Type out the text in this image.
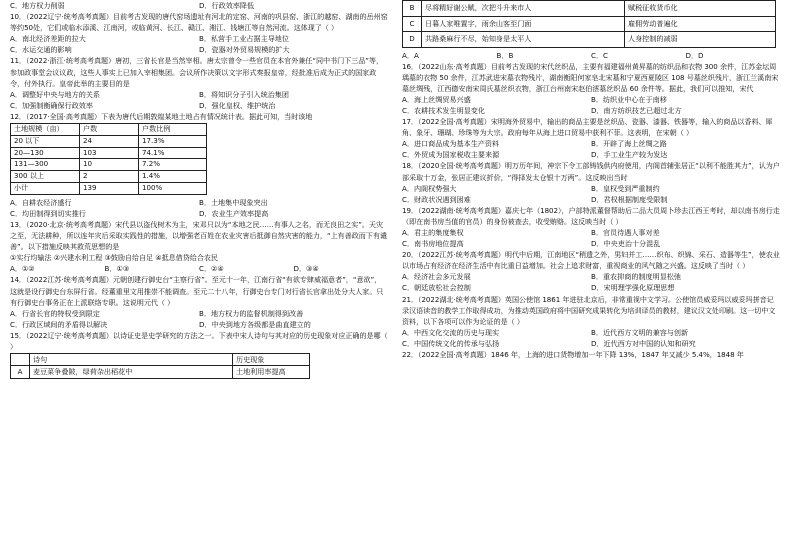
C．地方权力削弱	D．行政效率降低

10．（2022辽宁·统考高考真题）目前考古发现的唐代窑场遗址有河北的定窑、河南的巩县窑、浙江的越窑、湖南的岳州窑等约50处，它们或临水添溪、江南河，或临黄河、长江、赣江、湘江、钱塘江等自然河流。这体现了（ ）

A．南北经济差距的拉大	B．私营手工业占据主导地位
C．水运交通的影响	D．瓷器对外贸易规模的扩大

11．（2022·浙江·统考高考真题）唐初，三省长官是当然宰相。唐太宗曾令一些官员在本官外兼任“同中书门下三品”等，参加政事堂会议议政，这些人事实上已加入宰相集团。会议所作决策以文字形式奏报皇帝，经批准后成为正式的国家政令，付外执行。皇帝此举的主要目的是

A．调整好中央与地方的关系	B．将知识分子引入统治集团
C．加强制衡确保行政效率	D．强化皇权、维护统治

12．（2017·全国·高考真题）下表为唐代后期敦煌某地土地占有情况统计表。据此可知，当时该地

土地规模（亩）	户数	户数比例
20 以下	24	17.3%
20—130	103	74.1%
131—300	10	7.2%
300 以上	2	1.4%
小计	139	100%
A．自耕农经济盛行	B．土地集中现象突出
C．均田制得到切实推行	D．农业生产效率提高

13．（2020·北京·统考高考真题）宋代县以盗伐树木为主，宋邓只以为“本地之民……有事人之名，而无良田之实”。天灾之至，无法耕种，所以连年灾后采取实践性的措施，以增强老百姓在农业灾害后抵御自然灾害的能力，“上有善政而下有谴善”。以下措施反映其救荒思想的是

①实行均输法 ②兴建水利工程 ③鼓励自给自足 ④抵息借贷给合农民

A．①②	B．①③	C．②④	D．③④

14．（2022江苏·统考高考真题）元朝创建行御史台“主察行省”。至元十一年，江南行省“有欲专肆威福意者”，“意欲”，这就是设行御史台东屏行省。经董重里文用推崇不能调查。至元二十八年，行御史台专门对行省长官拿出处分大人家。只有行御史台事务正在上派联络专职。这说明元代（ ）

A．行省长官的特权受到限定	B．地方权力的监督机制得到改善
C．行政区域间的矛盾得以解决	D．中央到地方各级都是曲直建立的

15．（2022辽宁·统考高考真题）以诗证史是史学研究的方法之一。下表中宋人诗句与其对应的历史现象对应正确的是哪（ ）

	诗句	历史现象
A	麦豆菜争叠陂，绿荷杂出稻花中	土地利用率提高
B	尽将精好谢公赋，次把斗升来市人	赋税征收货币化
C	日暮人家唯置字，雨余山客至门面	雇佣劳动普遍化
D	共路桑麻行不尽，始知身是太平人	人身控制的减弱
A．A	B．B	C．C	D．D

16．（2022山东·高考真题）目前考古发现的宋代丝织品，主要有福建福州黄昇墓的纺织品和衣物 300 余件，江苏金坛周瑀墓的衣物 50 余件，江苏武进宋墓衣物残片，湖南衡阳何家皂北宋墓和宁夏西夏陵区 108 号墓丝织残片，浙江兰溪南宋墓丝绸残，江西德安南宋周氏墓丝织衣物，浙江台州南宋赵伯澐墓丝织品 60 余件等。据此，我们可以推知，宋代

A．海上丝绸贸易兴盛	B．纺织业中心在于南移
C．农耕技术发生明显变化	D．南方纺织技艺已超过北方

17．（2022全国·高考真题）宋明海外贸易中，输出的商品主要是丝织品、瓷器、漆器、铁器等，输入的商品以香料、犀角、象牙、珊瑚、珍珠等为大宗。政府每年从海上进口贸易中获利不菲。这表明，在宋朝（ ）

A．进口商品成为基本生产资料	B．开辟了海上丝绸之路
C．外贸成为国家税收主要来源	D．手工业生产较为发达

18．（2020全国·统考高考真题）明万历年间，神宗下令工部铸钱供内府使用，内阁首辅张居正“以利不能胜其力”，认为户部采取十万金，张居正建议折价，“得择发太仓银十万两”。这反映出当时

A．内阁权势强大	B．皇权受到严重制约
C．财政状况遇到困难	D．君权根据制度受限制

19．（2022湖南·统考高考真题）嘉庆七年（1802），户部特派董督帮助后二品大员周卜珍去江西王考时，却以南书房行走（即在南书房当值的官员）的身份被查去，收受贿赂。这反映当时（ ）

A．君主的集度集权	B．官员待遇人事对差
C．南书房地位提高	D．中央吏治十分混乱

20．（2022江苏·统考高考真题）明代中后期，江南地区“稍遗之外，男妇并工……织布、织锦、采石、造器等生”，使农业以市场占有经济在经济生活中有比重日益增加。社会上追求财富，重视商业的风气随之兴盛。这反映了当时（ ）

A．经济社会多元发展	B．重农抑商的制度明显松弛
C．朝廷放松社会控制	D．宋明理学强化原理思想

21．（2022湖北·统考高考真题）英国公使馆 1861 年进驻北京后，非常重视中文学习。公使馆员威妥玛以威妥玛拼音记录汉语读音的教学工作取得成功，为推动英国政府将中国研究成果转化为培训译员的教材，建议汉文处印刷。这一切中文资料，以下各项可以作为论证的是（ ）

A．中西文化交流的历史与现实	B．近代西方文明的兼容与创新
C．中国传统文化的传承与弘扬	D．近代西方对中国的认知和研究

22．（2022全国·高考真题）1846 年，上海的进口货物增加一年下降 13%，1847 年又减少 5.4%，1848 年
